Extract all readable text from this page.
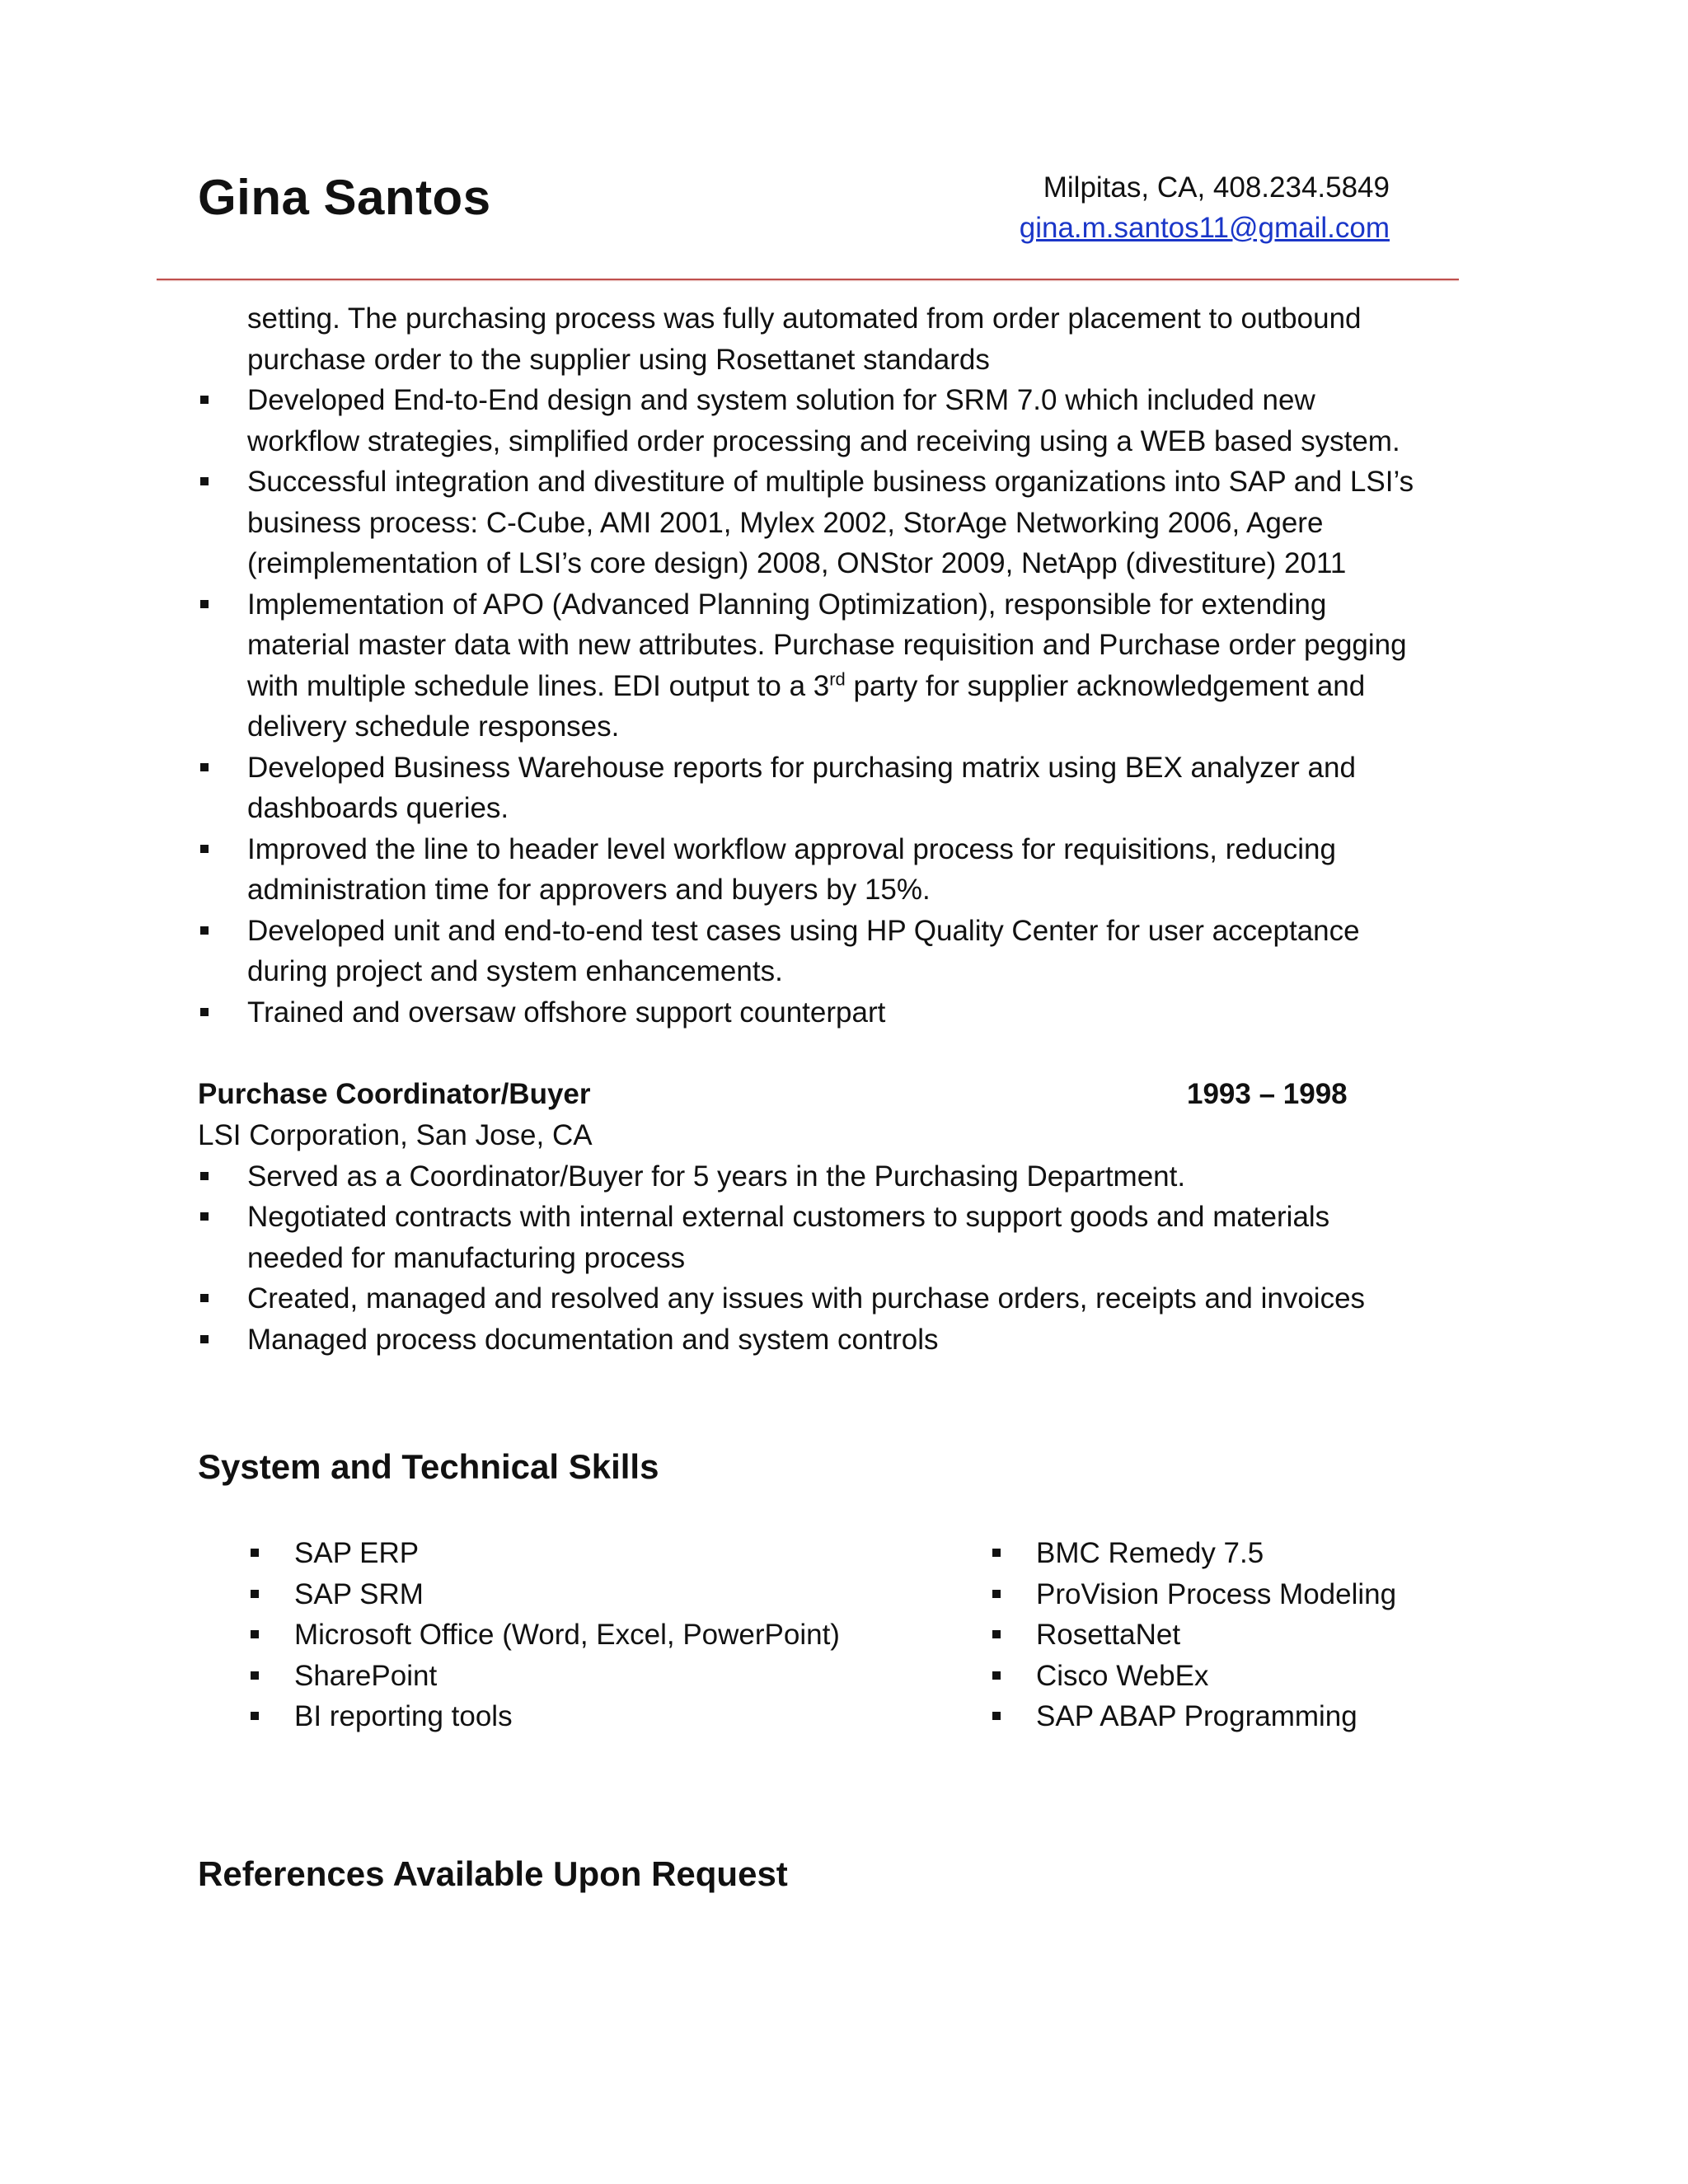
Gina Santos	Milpitas, CA, 408.234.5849
gina.m.santos11@gmail.com
setting. The purchasing process was fully automated from order placement to outbound
purchase order to the supplier using Rosettanet standards
Developed End-to-End design and system solution for SRM 7.0 which included new
workflow strategies, simplified order processing and receiving using a WEB based system.
Successful integration and divestiture of multiple business organizations into SAP and LSI’s
business process: C-Cube, AMI 2001, Mylex 2002, StorAge Networking 2006, Agere
(reimplementation of LSI’s core design) 2008, ONStor 2009, NetApp (divestiture) 2011
Implementation of APO (Advanced Planning Optimization), responsible for extending
material master data with new attributes. Purchase requisition and Purchase order pegging
with multiple schedule lines. EDI output to a 3rd party for supplier acknowledgement and
delivery schedule responses.
Developed Business Warehouse reports for purchasing matrix using BEX analyzer and
dashboards queries.
Improved the line to header level workflow approval process for requisitions, reducing
administration time for approvers and buyers by 15%.
Developed unit and end-to-end test cases using HP Quality Center for user acceptance
during project and system enhancements.
Trained and oversaw offshore support counterpart
Purchase Coordinator/Buyer	1993 – 1998
LSI Corporation, San Jose, CA
Served as a Coordinator/Buyer for 5 years in the Purchasing Department.
Negotiated contracts with internal external customers to support goods and materials
needed for manufacturing process
Created, managed and resolved any issues with purchase orders, receipts and invoices
Managed process documentation and system controls
System and Technical Skills
SAP ERP
SAP SRM
Microsoft Office (Word, Excel, PowerPoint)
SharePoint
BI reporting tools
BMC Remedy 7.5
ProVision Process Modeling
RosettaNet
Cisco WebEx
SAP ABAP Programming
References Available Upon Request
